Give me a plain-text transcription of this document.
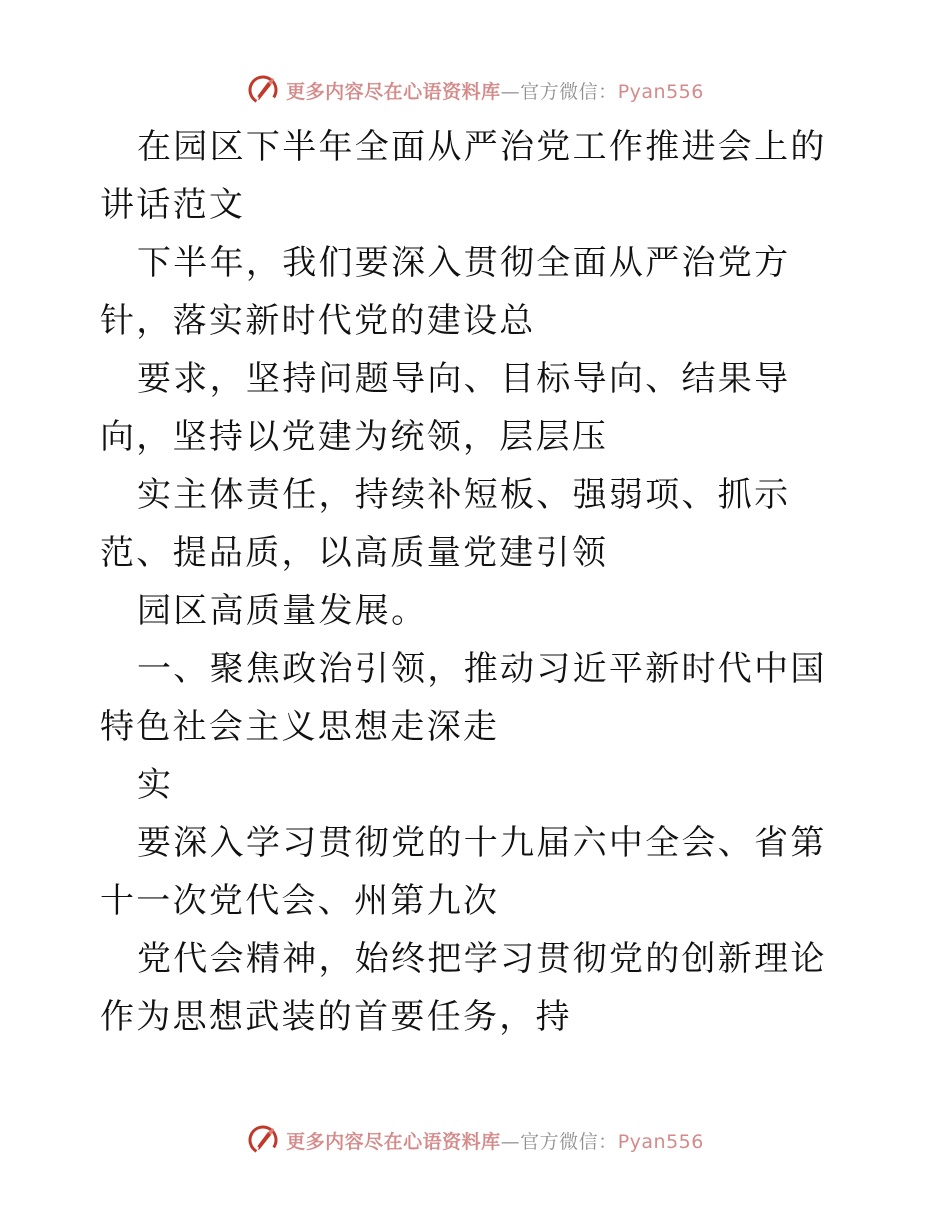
更多内容尽在心语资料库—官方微信：Pyan556

在园区下半年全面从严治党工作推进会上的讲话范文

下半年，我们要深入贯彻全面从严治党方针，落实新时代党的建设总

要求，坚持问题导向、目标导向、结果导向，坚持以党建为统领，层层压

实主体责任，持续补短板、强弱项、抓示范、提品质，以高质量党建引领

园区高质量发展。

一、聚焦政治引领，推动习近平新时代中国特色社会主义思想走深走

实

要深入学习贯彻党的十九届六中全会、省第十一次党代会、州第九次

党代会精神，始终把学习贯彻党的创新理论作为思想武装的首要任务，持

更多内容尽在心语资料库—官方微信：Pyan556
